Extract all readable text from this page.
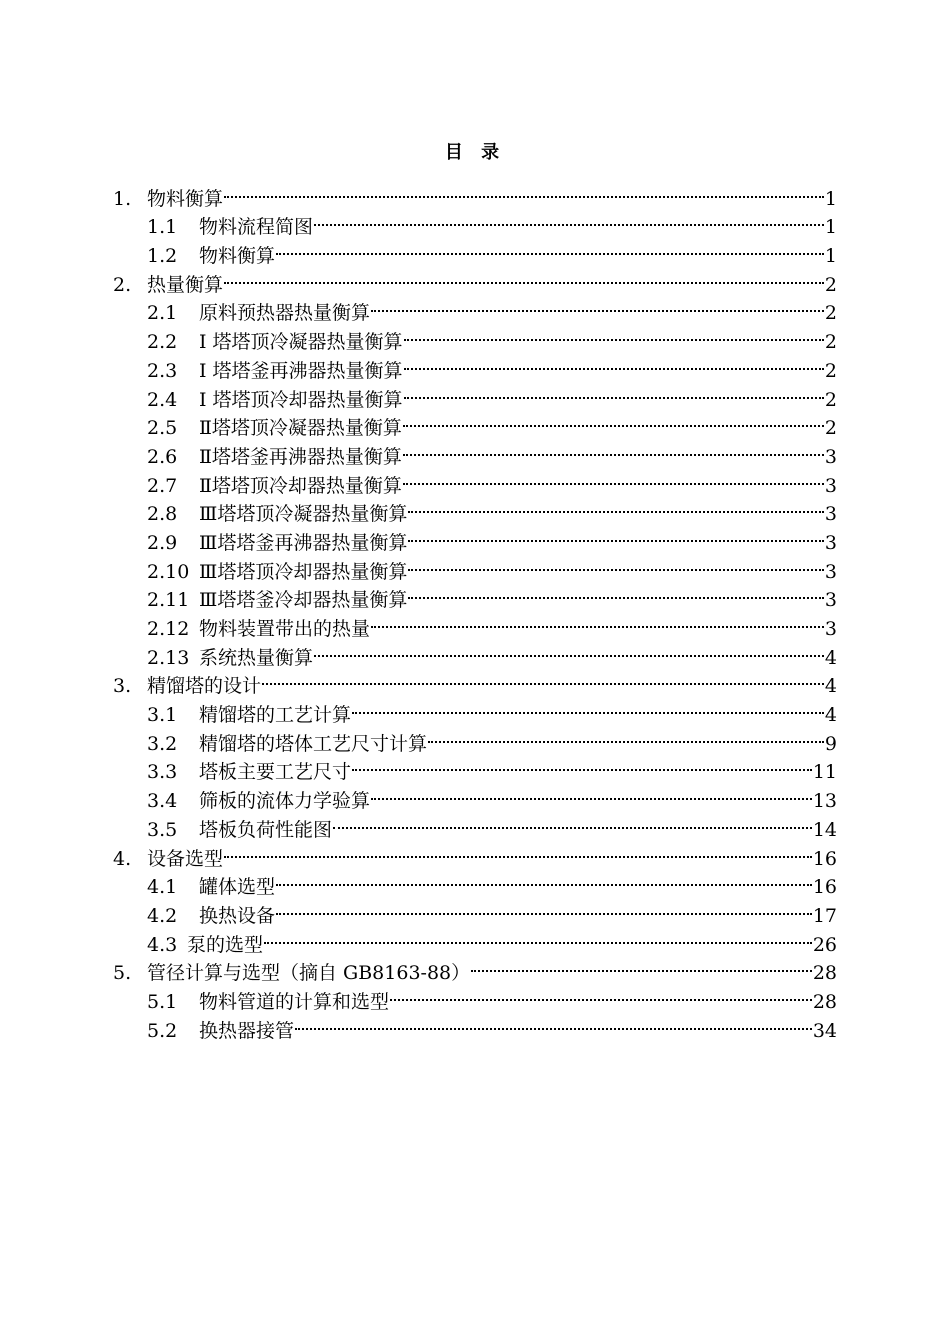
目 录
1. 物料衡算	1
1.1	物料流程简图	1
1.2	物料衡算	1
2. 热量衡算	2
2.1	原料预热器热量衡算	2
2.2	I 塔塔顶冷凝器热量衡算	2
2.3	I 塔塔釜再沸器热量衡算	2
2.4	I 塔塔顶冷却器热量衡算	2
2.5	Ⅱ塔塔顶冷凝器热量衡算	2
2.6	Ⅱ塔塔釜再沸器热量衡算	3
2.7	Ⅱ塔塔顶冷却器热量衡算	3
2.8	Ⅲ塔塔顶冷凝器热量衡算	3
2.9	Ⅲ塔塔釜再沸器热量衡算	3
2.10 Ⅲ塔塔顶冷却器热量衡算	3
2.11 Ⅲ塔塔釜冷却器热量衡算	3
2.12 物料装置带出的热量	3
2.13 系统热量衡算	4
3. 精馏塔的设计	4
3.1	精馏塔的工艺计算	4
3.2	精馏塔的塔体工艺尺寸计算	9
3.3	塔板主要工艺尺寸	11
3.4	筛板的流体力学验算	13
3.5	塔板负荷性能图	14
4. 设备选型	16
4.1	罐体选型	16
4.2	换热设备	17
4.3 泵的选型	26
5. 管径计算与选型（摘自 GB8163-88）	28
5.1	物料管道的计算和选型	28
5.2	换热器接管	34
